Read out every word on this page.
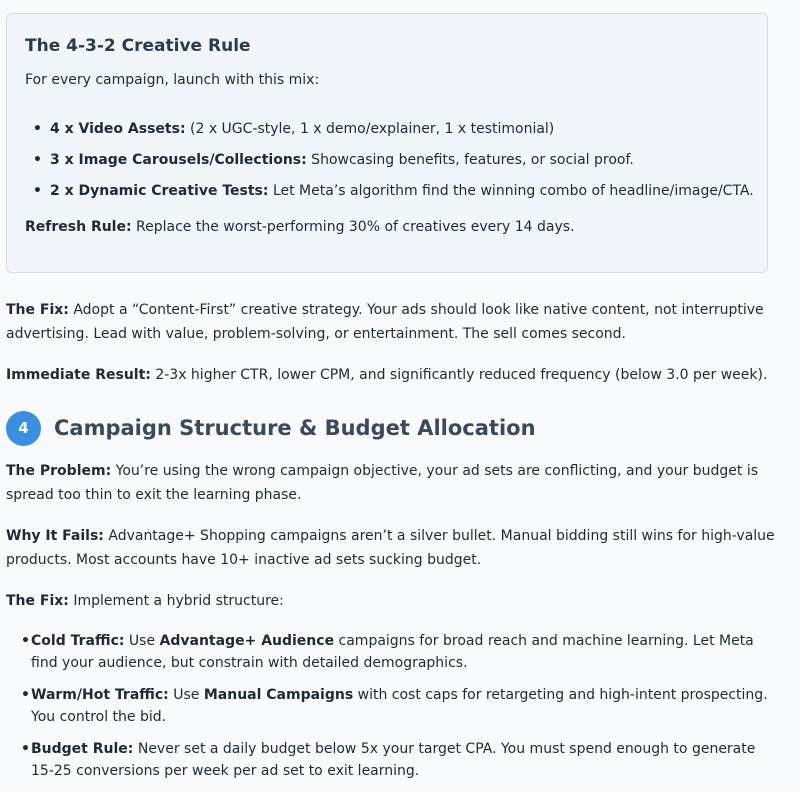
The 4-3-2 Creative Rule

For every campaign, launch with this mix:

• 4 x Video Assets: (2 x UGC-style, 1 x demo/explainer, 1 x testimonial)
• 3 x Image Carousels/Collections: Showcasing benefits, features, or social proof.
• 2 x Dynamic Creative Tests: Let Meta’s algorithm find the winning combo of headline/image/CTA.

Refresh Rule: Replace the worst-performing 30% of creatives every 14 days.

The Fix: Adopt a “Content-First” creative strategy. Your ads should look like native content, not interruptive advertising. Lead with value, problem-solving, or entertainment. The sell comes second.

Immediate Result: 2-3x higher CTR, lower CPM, and significantly reduced frequency (below 3.0 per week).

4	Campaign Structure & Budget Allocation

The Problem: You’re using the wrong campaign objective, your ad sets are conflicting, and your budget is spread too thin to exit the learning phase.

Why It Fails: Advantage+ Shopping campaigns aren’t a silver bullet. Manual bidding still wins for high-value products. Most accounts have 10+ inactive ad sets sucking budget.

The Fix: Implement a hybrid structure:

• Cold Traffic: Use Advantage+ Audience campaigns for broad reach and machine learning. Let Meta find your audience, but constrain with detailed demographics.
• Warm/Hot Traffic: Use Manual Campaigns with cost caps for retargeting and high-intent prospecting. You control the bid.
• Budget Rule: Never set a daily budget below 5x your target CPA. You must spend enough to generate 15-25 conversions per week per ad set to exit learning.
